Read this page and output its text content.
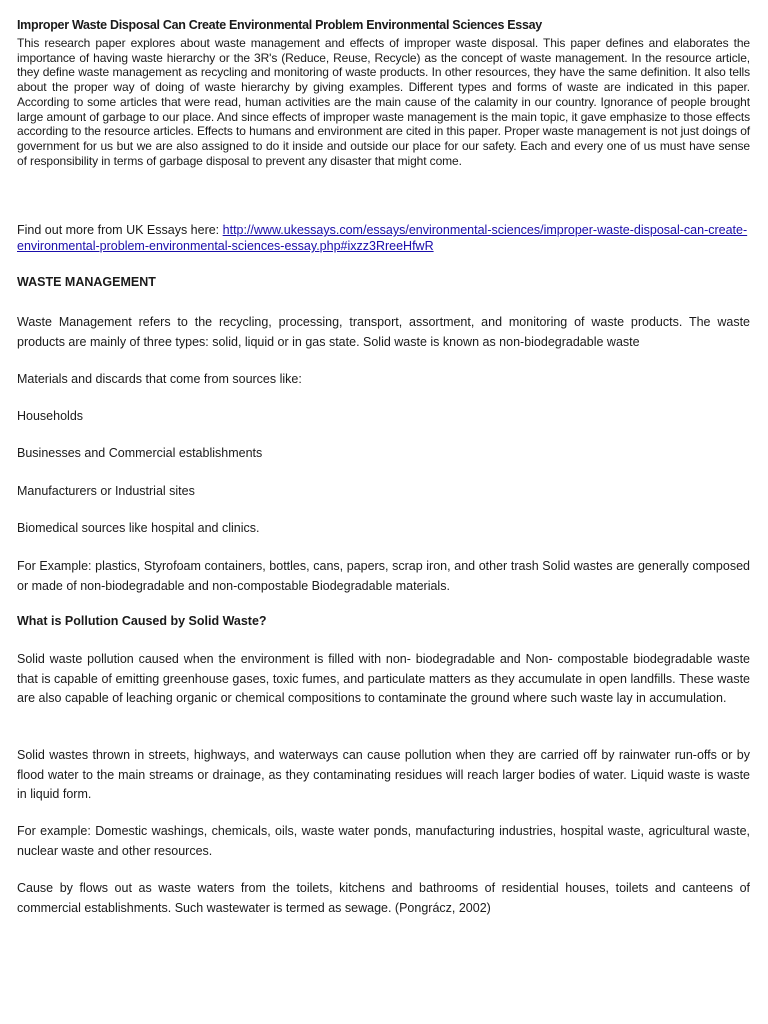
Improper Waste Disposal Can Create Environmental Problem Environmental Sciences Essay

This research paper explores about waste management and effects of improper waste disposal. This paper defines and elaborates the importance of having waste hierarchy or the 3R's (Reduce, Reuse, Recycle) as the concept of waste management. In the resource article, they define waste management as recycling and monitoring of waste products. In other resources, they have the same definition. It also tells about the proper way of doing of waste hierarchy by giving examples. Different types and forms of waste are indicated in this paper. According to some articles that were read, human activities are the main cause of the calamity in our country. Ignorance of people brought large amount of garbage to our place. And since effects of improper waste management is the main topic, it gave emphasize to those effects according to the resource articles. Effects to humans and environment are cited in this paper. Proper waste management is not just doings of government for us but we are also assigned to do it inside and outside our place for our safety. Each and every one of us must have sense of responsibility in terms of garbage disposal to prevent any disaster that might come.

Find out more from UK Essays here: http://www.ukessays.com/essays/environmental-sciences/improper-waste-disposal-can-create-environmental-problem-environmental-sciences-essay.php#ixzz3RreeHfwR

WASTE MANAGEMENT

Waste Management refers to the recycling, processing, transport, assortment, and monitoring of waste products. The waste products are mainly of three types: solid, liquid or in gas state. Solid waste is known as non-biodegradable waste

Materials and discards that come from sources like:

Households

Businesses and Commercial establishments

Manufacturers or Industrial sites

Biomedical sources like hospital and clinics.

For Example: plastics, Styrofoam containers, bottles, cans, papers, scrap iron, and other trash Solid wastes are generally composed or made of non-biodegradable and non-compostable Biodegradable materials.

What is Pollution Caused by Solid Waste?

Solid waste pollution caused when the environment is filled with non- biodegradable and Non- compostable biodegradable waste that is capable of emitting greenhouse gases, toxic fumes, and particulate matters as they accumulate in open landfills. These waste are also capable of leaching organic or chemical compositions to contaminate the ground where such waste lay in accumulation.

Solid wastes thrown in streets, highways, and waterways can cause pollution when they are carried off by rainwater run-offs or by flood water to the main streams or drainage, as they contaminating residues will reach larger bodies of water. Liquid waste is waste in liquid form.

For example: Domestic washings, chemicals, oils, waste water ponds, manufacturing industries, hospital waste, agricultural waste, nuclear waste and other resources.

Cause by flows out as waste waters from the toilets, kitchens and bathrooms of residential houses, toilets and canteens of commercial establishments. Such wastewater is termed as sewage. (Pongrácz, 2002)
